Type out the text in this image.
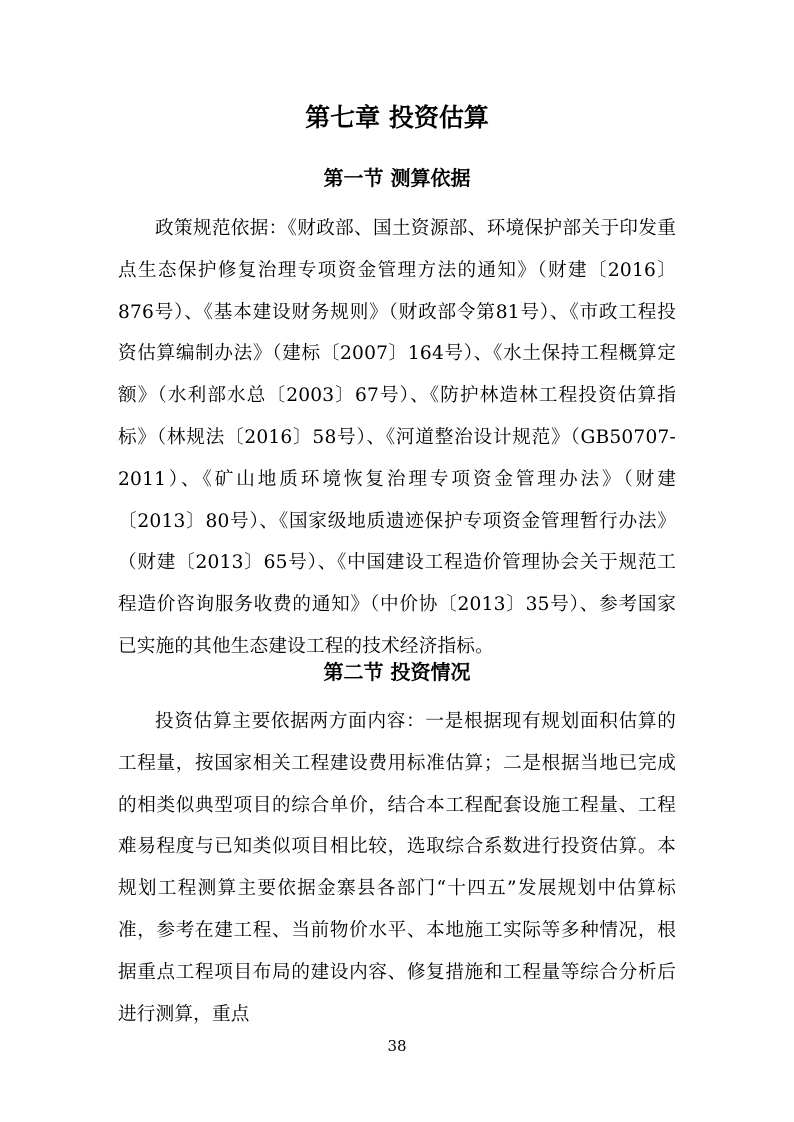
第七章 投资估算
第一节 测算依据

政策规范依据：《财政部、国土资源部、环境保护部关于印发重点生态保护修复治理专项资金管理方法的通知》（财建〔2016〕876号）、《基本建设财务规则》（财政部令第81号）、《市政工程投资估算编制办法》（建标〔2007〕164号）、《水土保持工程概算定额》（水利部水总〔2003〕67号）、《防护林造林工程投资估算指标》（林规法〔2016〕58号）、《河道整治设计规范》（GB50707-2011）、《矿山地质环境恢复治理专项资金管理办法》（财建〔2013〕80号）、《国家级地质遗迹保护专项资金管理暂行办法》（财建〔2013〕65号）、《中国建设工程造价管理协会关于规范工程造价咨询服务收费的通知》（中价协〔2013〕35号）、参考国家已实施的其他生态建设工程的技术经济指标。

第二节 投资情况

投资估算主要依据两方面内容：一是根据现有规划面积估算的工程量，按国家相关工程建设费用标准估算；二是根据当地已完成的相类似典型项目的综合单价，结合本工程配套设施工程量、工程难易程度与已知类似项目相比较，选取综合系数进行投资估算。本规划工程测算主要依据金寨县各部门“十四五”发展规划中估算标准，参考在建工程、当前物价水平、本地施工实际等多种情况，根据重点工程项目布局的建设内容、修复措施和工程量等综合分析后进行测算，重点

38
